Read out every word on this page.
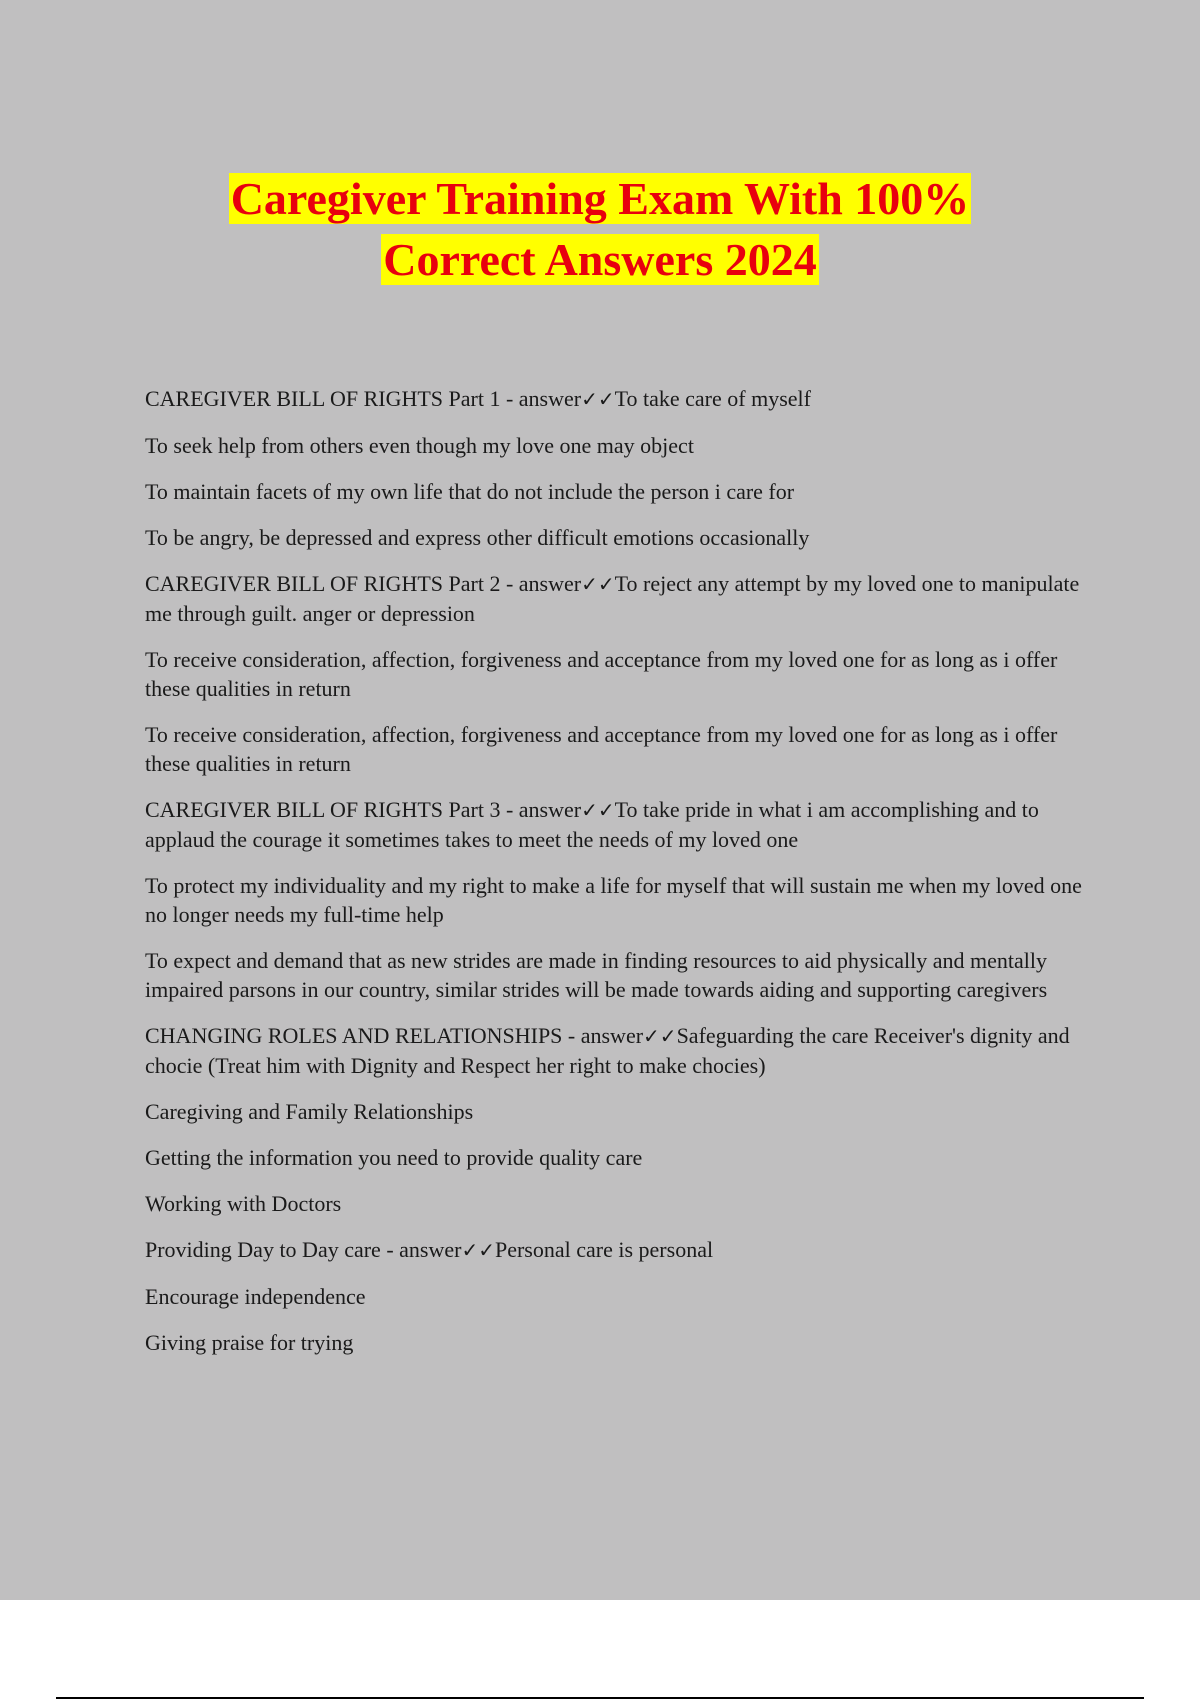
Caregiver Training Exam With 100%
Correct Answers 2024

CAREGIVER BILL OF RIGHTS Part 1 - answer✓✓To take care of myself

To seek help from others even though my love one may object

To maintain facets of my own life that do not include the person i care for

To be angry, be depressed and express other difficult emotions occasionally

CAREGIVER BILL OF RIGHTS Part 2 - answer✓✓To reject any attempt by my loved one to manipulate me through guilt. anger or depression

To receive consideration, affection, forgiveness and acceptance from my loved one for as long as i offer these qualities in return

To receive consideration, affection, forgiveness and acceptance from my loved one for as long as i offer these qualities in return

CAREGIVER BILL OF RIGHTS Part 3 - answer✓✓To take pride in what i am accomplishing and to applaud the courage it sometimes takes to meet the needs of my loved one

To protect my individuality and my right to make a life for myself that will sustain me when my loved one no longer needs my full-time help

To expect and demand that as new strides are made in finding resources to aid physically and mentally impaired parsons in our country, similar strides will be made towards aiding and supporting caregivers

CHANGING ROLES AND RELATIONSHIPS - answer✓✓Safeguarding the care Receiver's dignity and chocie (Treat him with Dignity and Respect her right to make chocies)

Caregiving and Family Relationships

Getting the information you need to provide quality care

Working with Doctors

Providing Day to Day care - answer✓✓Personal care is personal

Encourage independence

Giving praise for trying
